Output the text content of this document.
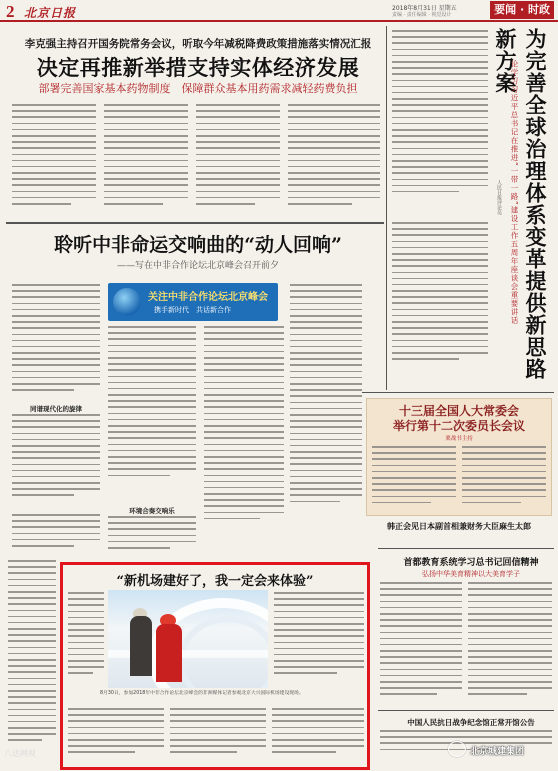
2 北京日报	2018年8月31日 星期五
责编 · 责任编辑 · 视觉设计	要闻 · 时政
李克强主持召开国务院常务会议，听取今年减税降费政策措施落实情况汇报
决定再推新举措支持实体经济发展
部署完善国家基本药物制度　保障群众基本用药需求减轻药费负担	为完善全球治理体系变革提供新思路新方案
论学习习近平总书记在推进“一带一路”建设工作五周年座谈会重要讲话
人民日报评论员
聆听中非命运交响曲的“动人回响”
——写在中非合作论坛北京峰会召开前夕
关注中非合作论坛北京峰会
携手新时代　共话新合作
同谱现代化的旋律
环境合奏交响乐
十三届全国人大常委会
举行第十二次委员长会议
栗战书主持
韩正会见日本副首相兼财务大臣麻生太郎
首都教育系统学习总书记回信精神
弘扬中华美育精神以大美育学子
中国人民抗日战争纪念馆正常开馆公告
“新机场建好了，我一定会来体验”
8月30日，参加2018年中非合作论坛北京峰会的非洲媒体记者参观北京大兴国际机场建设现场。
北京城建集团
八达网视
